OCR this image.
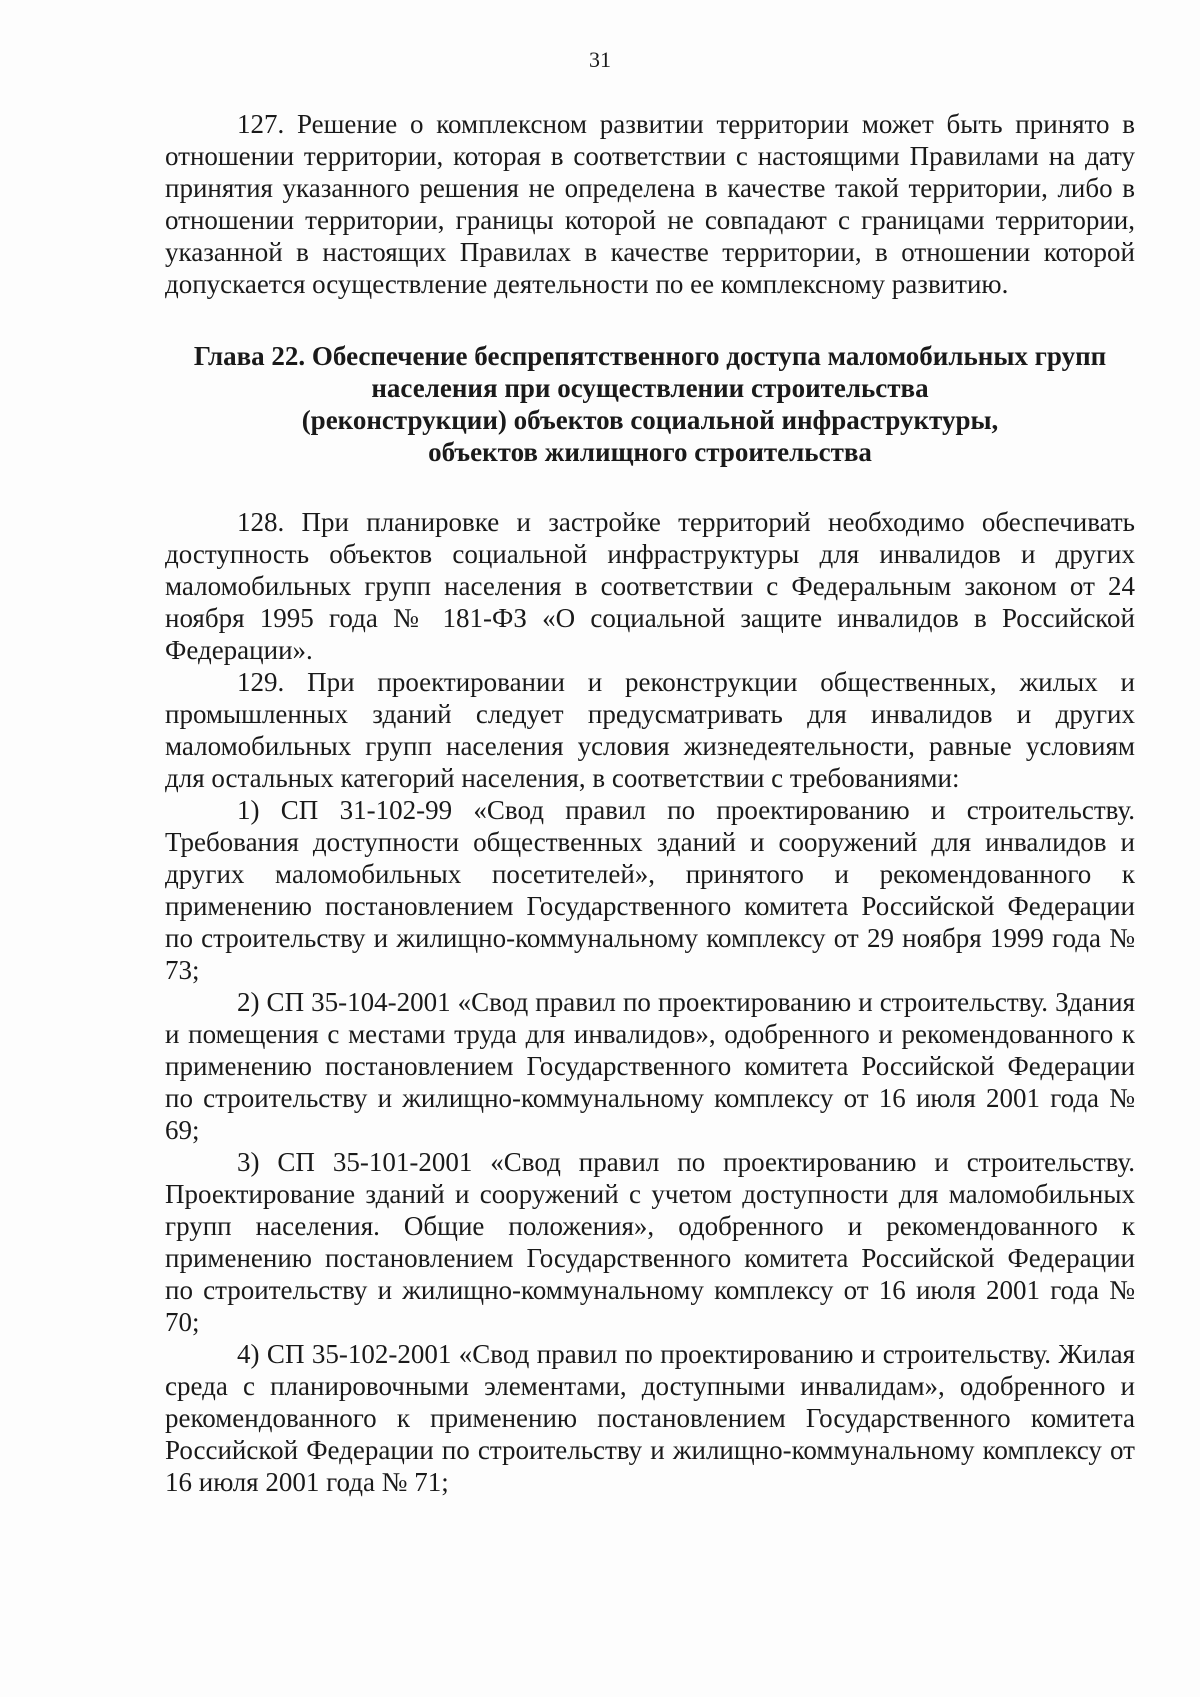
31

127. Решение о комплексном развитии территории может быть принято в отношении территории, которая в соответствии с настоящими Правилами на дату принятия указанного решения не определена в качестве такой территории, либо в отношении территории, границы которой не совпадают с границами территории, указанной в настоящих Правилах в качестве территории, в отношении которой допускается осуществление деятельности по ее комплексному развитию.

Глава 22. Обеспечение беспрепятственного доступа маломобильных групп
населения при осуществлении строительства
(реконструкции) объектов социальной инфраструктуры,
объектов жилищного строительства

128. При планировке и застройке территорий необходимо обеспечивать доступность объектов социальной инфраструктуры для инвалидов и других маломобильных групп населения в соответствии с Федеральным законом от 24 ноября 1995 года № 181-ФЗ «О социальной защите инвалидов в Российской Федерации».

129. При проектировании и реконструкции общественных, жилых и промышленных зданий следует предусматривать для инвалидов и других маломобильных групп населения условия жизнедеятельности, равные условиям для остальных категорий населения, в соответствии с требованиями:

1) СП 31-102-99 «Свод правил по проектированию и строительству. Требования доступности общественных зданий и сооружений для инвалидов и других маломобильных посетителей», принятого и рекомендованного к применению постановлением Государственного комитета Российской Федерации по строительству и жилищно-коммунальному комплексу от 29 ноября 1999 года № 73;

2) СП 35-104-2001 «Свод правил по проектированию и строительству. Здания и помещения с местами труда для инвалидов», одобренного и рекомендованного к применению постановлением Государственного комитета Российской Федерации по строительству и жилищно-коммунальному комплексу от 16 июля 2001 года № 69;

3) СП 35-101-2001 «Свод правил по проектированию и строительству. Проектирование зданий и сооружений с учетом доступности для маломобильных групп населения. Общие положения», одобренного и рекомендованного к применению постановлением Государственного комитета Российской Федерации по строительству и жилищно-коммунальному комплексу от 16 июля 2001 года № 70;

4) СП 35-102-2001 «Свод правил по проектированию и строительству. Жилая среда с планировочными элементами, доступными инвалидам», одобренного и рекомендованного к применению постановлением Государственного комитета Российской Федерации по строительству и жилищно-коммунальному комплексу от 16 июля 2001 года № 71;
